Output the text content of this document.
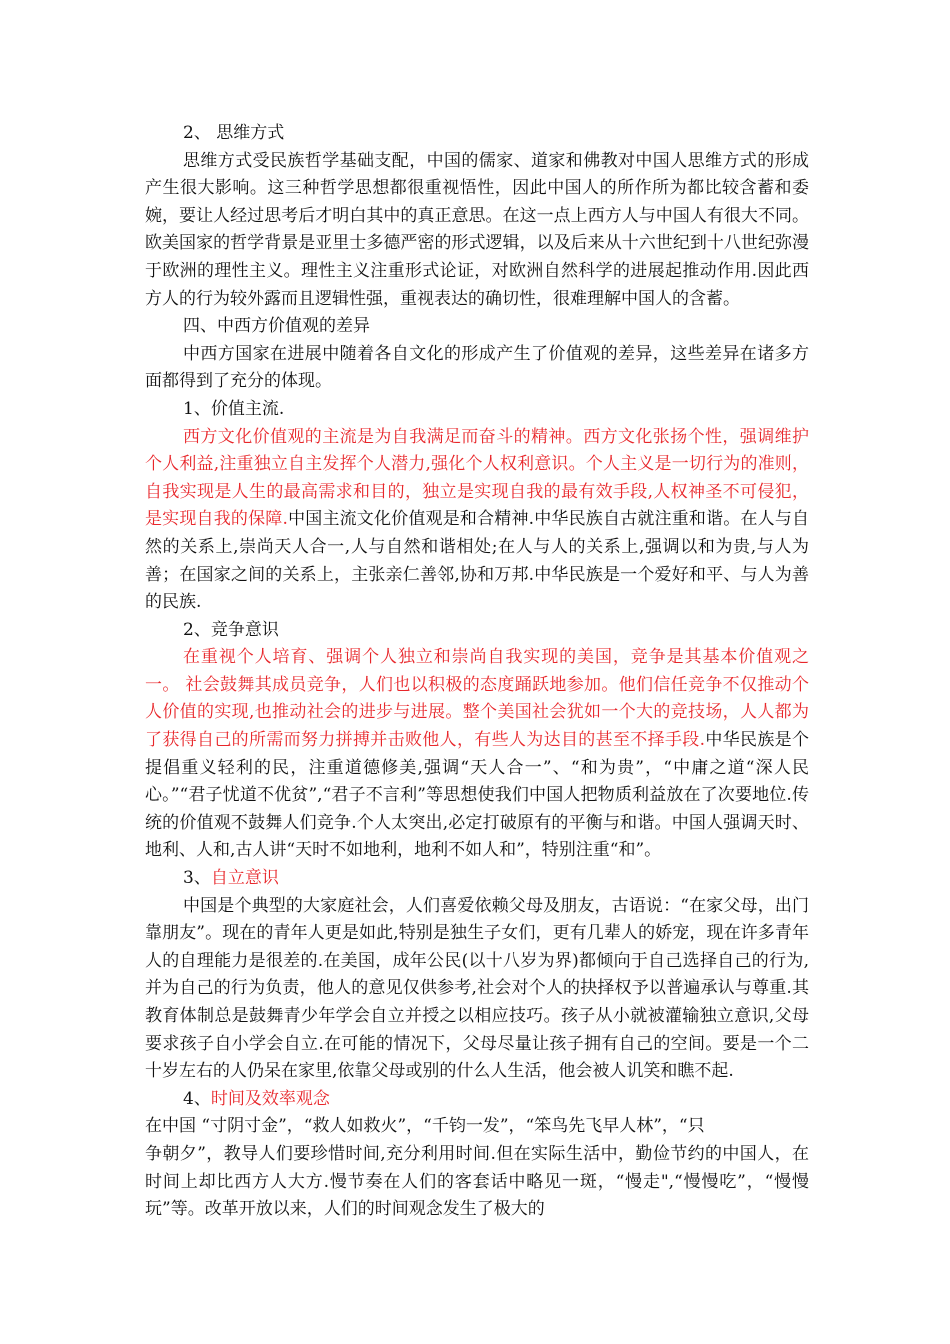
2、 思维方式

思维方式受民族哲学基础支配，中国的儒家、道家和佛教对中国人思维方式的形成产生很大影响。这三种哲学思想都很重视悟性，因此中国人的所作所为都比较含蓄和委婉，要让人经过思考后才明白其中的真正意思。在这一点上西方人与中国人有很大不同。欧美国家的哲学背景是亚里士多德严密的形式逻辑，以及后来从十六世纪到十八世纪弥漫于欧洲的理性主义。理性主义注重形式论证，对欧洲自然科学的进展起推动作用.因此西方人的行为较外露而且逻辑性强，重视表达的确切性，很难理解中国人的含蓄。

四、中西方价值观的差异

中西方国家在进展中随着各自文化的形成产生了价值观的差异，这些差异在诸多方面都得到了充分的体现。

1、价值主流.

西方文化价值观的主流是为自我满足而奋斗的精神。西方文化张扬个性，强调维护个人利益,注重独立自主发挥个人潜力,强化个人权利意识。个人主义是一切行为的准则，自我实现是人生的最高需求和目的，独立是实现自我的最有效手段,人权神圣不可侵犯，是实现自我的保障.中国主流文化价值观是和合精神.中华民族自古就注重和谐。在人与自然的关系上,崇尚天人合一,人与自然和谐相处;在人与人的关系上,强调以和为贵,与人为善；在国家之间的关系上，主张亲仁善邻,协和万邦.中华民族是一个爱好和平、与人为善的民族.

2、竞争意识

在重视个人培育、强调个人独立和崇尚自我实现的美国，竞争是其基本价值观之一。 社会鼓舞其成员竞争，人们也以积极的态度踊跃地参加。他们信任竞争不仅推动个人价值的实现,也推动社会的进步与进展。整个美国社会犹如一个大的竞技场，人人都为了获得自己的所需而努力拼搏并击败他人，有些人为达目的甚至不择手段.中华民族是个提倡重义轻利的民，注重道德修美,强调“天人合一”、“和为贵”，“中庸之道“深人民心。”“君子忧道不优贫”,“君子不言利”等思想使我们中国人把物质利益放在了次要地位.传统的价值观不鼓舞人们竞争.个人太突出,必定打破原有的平衡与和谐。中国人强调天时、地利、人和,古人讲“天时不如地利，地利不如人和”，特别注重“和”。

3、自立意识

中国是个典型的大家庭社会，人们喜爱依赖父母及朋友，古语说：“在家父母，出门靠朋友”。现在的青年人更是如此,特别是独生子女们，更有几辈人的娇宠，现在许多青年人的自理能力是很差的.在美国，成年公民(以十八岁为界)都倾向于自己选择自己的行为,并为自己的行为负责，他人的意见仅供参考,社会对个人的抉择权予以普遍承认与尊重.其教育体制总是鼓舞青少年学会自立并授之以相应技巧。孩子从小就被灌输独立意识,父母要求孩子自小学会自立.在可能的情况下，父母尽量让孩子拥有自己的空间。要是一个二十岁左右的人仍呆在家里,依靠父母或别的什么人生活，他会被人讥笑和瞧不起.

4、时间及效率观念

在中国 “寸阴寸金”，“救人如救火”，“千钧一发”，“笨鸟先飞早人林”，“只

争朝夕”，教导人们要珍惜时间,充分利用时间.但在实际生活中，勤俭节约的中国人，在时间上却比西方人大方.慢节奏在人们的客套话中略见一斑，“慢走",“慢慢吃”，“慢慢玩”等。改革开放以来，人们的时间观念发生了极大的
